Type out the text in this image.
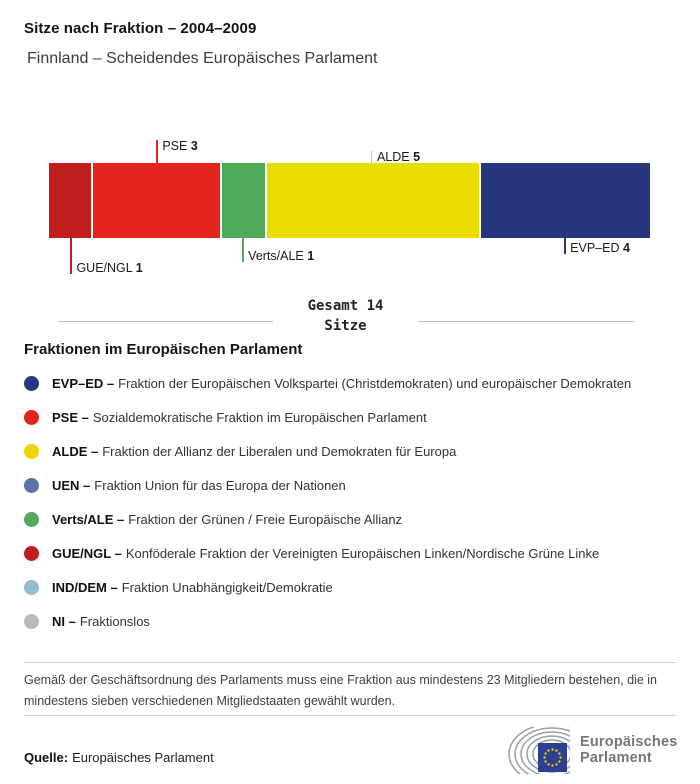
Sitze nach Fraktion – 2004–2009
Finnland – Scheidendes Europäisches Parlament
GUE/NGL 1
PSE 3
Verts/ALE 1
ALDE 5
EVP–ED 4
Gesamt 14
Sitze
Fraktionen im Europäischen Parlament
EVP–ED – Fraktion der Europäischen Volkspartei (Christdemokraten) und europäischer Demokraten
PSE – Sozialdemokratische Fraktion im Europäischen Parlament
ALDE – Fraktion der Allianz der Liberalen und Demokraten für Europa
UEN – Fraktion Union für das Europa der Nationen
Verts/ALE – Fraktion der Grünen / Freie Europäische Allianz
GUE/NGL – Konföderale Fraktion der Vereinigten Europäischen Linken/Nordische Grüne Linke
IND/DEM – Fraktion Unabhängigkeit/Demokratie
NI – Fraktionslos
Gemäß der Geschäftsordnung des Parlaments muss eine Fraktion aus mindestens 23 Mitgliedern bestehen, die in mindestens sieben verschiedenen Mitgliedstaaten gewählt wurden.
Quelle: Europäisches Parlament
Europäisches
Parlament
